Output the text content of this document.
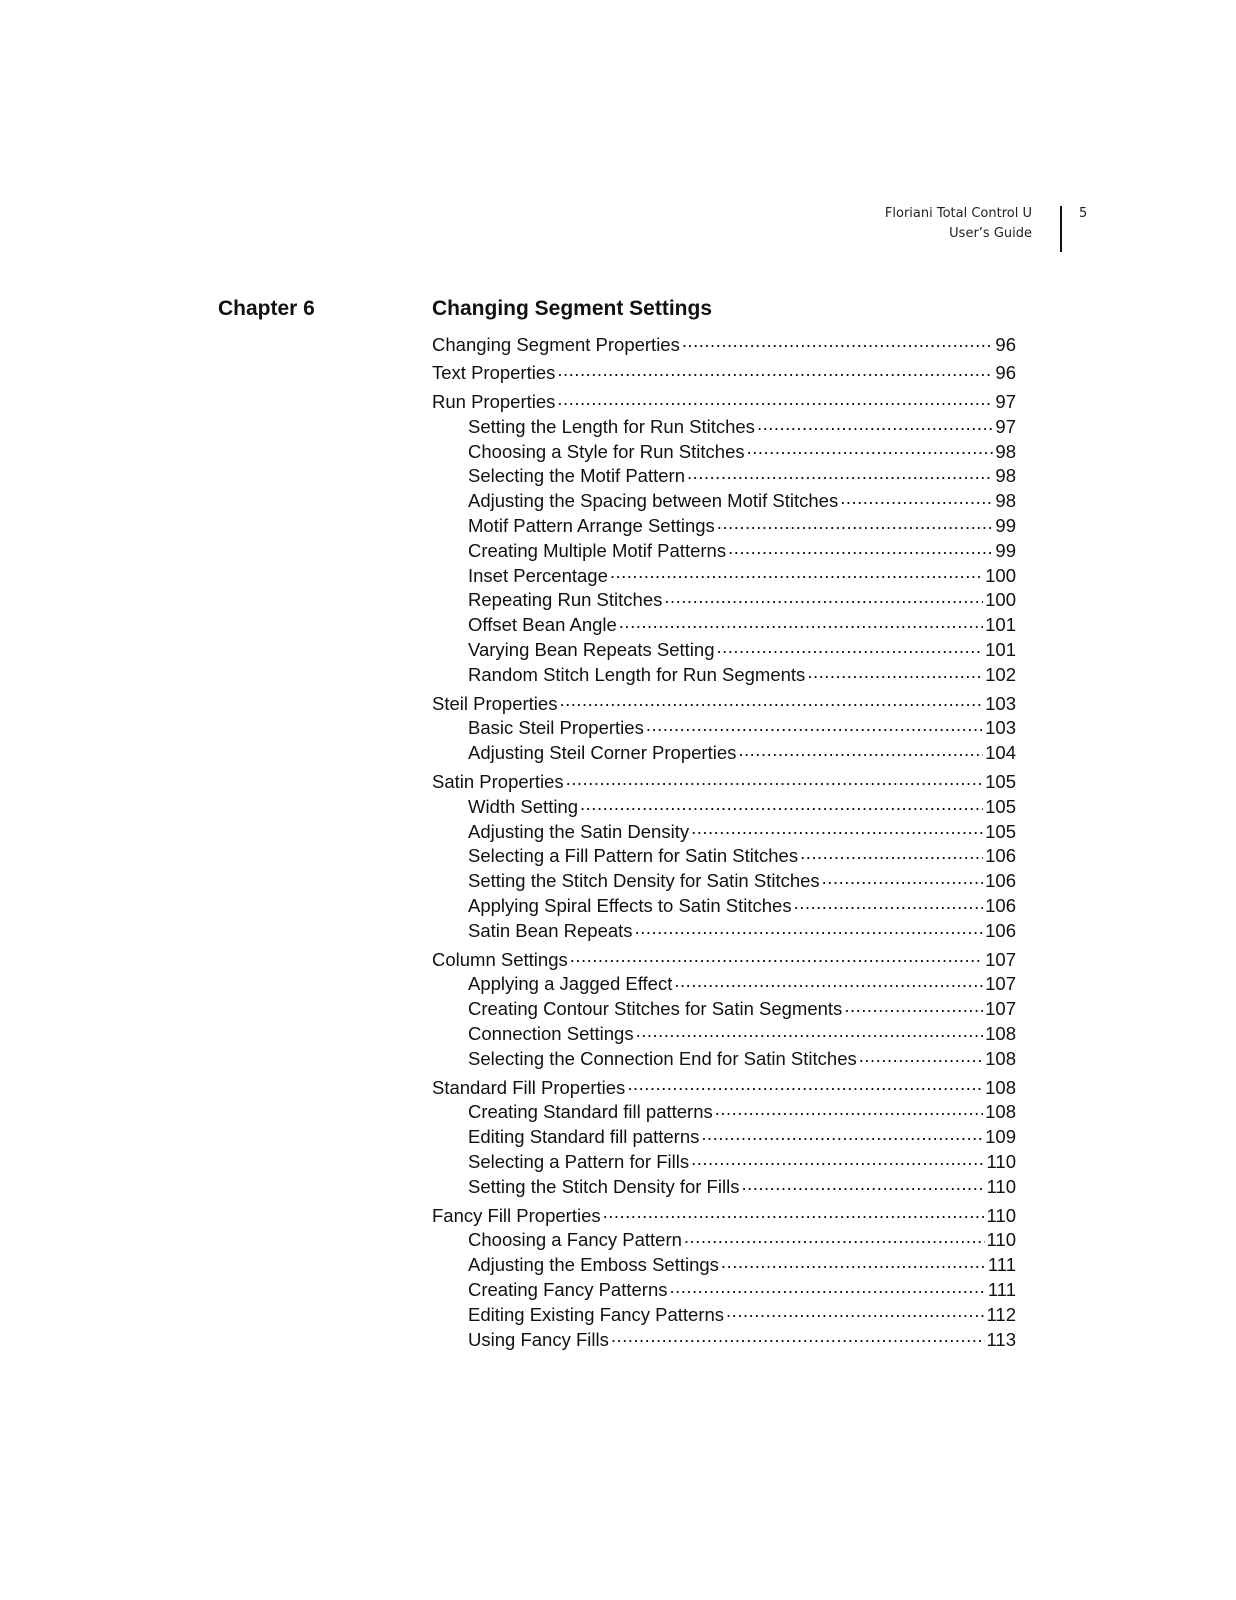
Floriani Total Control U
User’s Guide
5
Chapter 6	Changing Segment Settings
Changing Segment Properties .....	96
Text Properties .....	96
Run Properties .....	97
Setting the Length for Run Stitches .....	97
Choosing a Style for Run Stitches .....	98
Selecting the Motif Pattern .....	98
Adjusting the Spacing between Motif Stitches .....	98
Motif Pattern Arrange Settings .....	99
Creating Multiple Motif Patterns .....	99
Inset Percentage .....	100
Repeating Run Stitches .....	100
Offset Bean Angle .....	101
Varying Bean Repeats Setting .....	101
Random Stitch Length for Run Segments .....	102
Steil Properties .....	103
Basic Steil Properties .....	103
Adjusting Steil Corner Properties .....	104
Satin Properties .....	105
Width Setting .....	105
Adjusting the Satin Density .....	105
Selecting a Fill Pattern for Satin Stitches .....	106
Setting the Stitch Density for Satin Stitches .....	106
Applying Spiral Effects to Satin Stitches .....	106
Satin Bean Repeats .....	106
Column Settings .....	107
Applying a Jagged Effect .....	107
Creating Contour Stitches for Satin Segments .....	107
Connection Settings .....	108
Selecting the Connection End for Satin Stitches .....	108
Standard Fill Properties .....	108
Creating Standard fill patterns .....	108
Editing Standard fill patterns .....	109
Selecting a Pattern for Fills .....	110
Setting the Stitch Density for Fills .....	110
Fancy Fill Properties .....	110
Choosing a Fancy Pattern .....	110
Adjusting the Emboss Settings .....	111
Creating Fancy Patterns .....	111
Editing Existing Fancy Patterns .....	112
Using Fancy Fills .....	113
